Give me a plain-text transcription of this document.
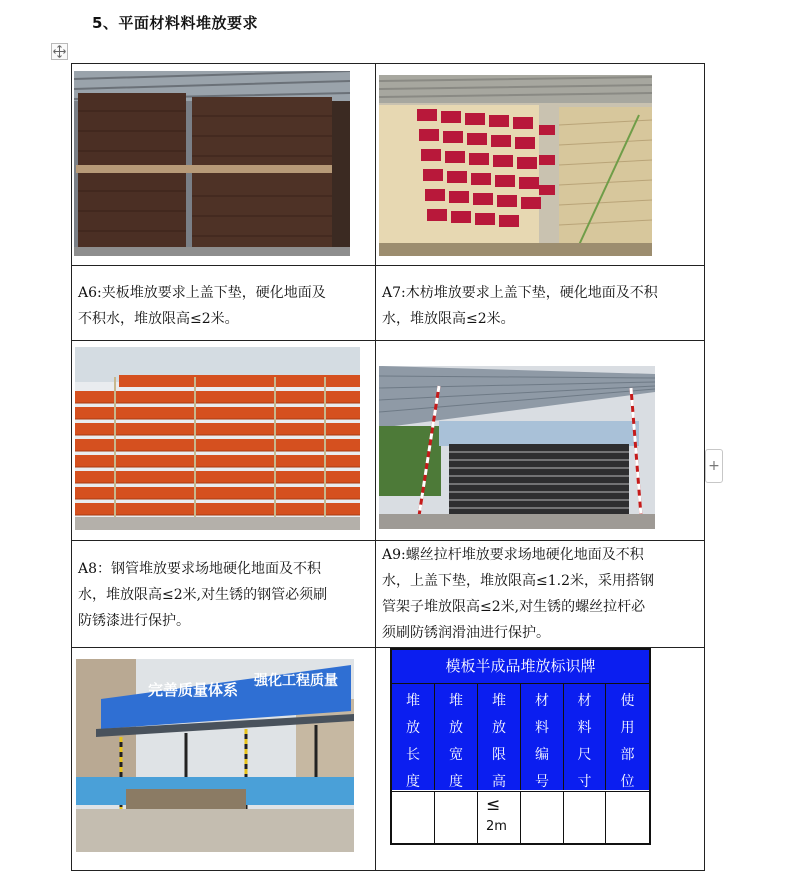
5、平面材料料堆放要求
+
A6:夹板堆放要求上盖下垫，硬化地面及
不积水，堆放限高≤2米。
A7:木枋堆放要求上盖下垫，硬化地面及不积
水，堆放限高≤2米。
A8：钢管堆放要求场地硬化地面及不积
水，堆放限高≤2米,对生锈的钢管必须刷
防锈漆进行保护。
A9:螺丝拉杆堆放要求场地硬化地面及不积
水，上盖下垫，堆放限高≤1.2米，采用搭钢
管架子堆放限高≤2米,对生锈的螺丝拉杆必
须刷防锈润滑油进行保护。
完善质量体系 强化工程质量
模板半成品堆放标识牌
堆
放
长
度
堆
放
宽
度
堆
放
限
高
材
料
编
号
材
料
尺
寸
使
用
部
位
≤
2m
